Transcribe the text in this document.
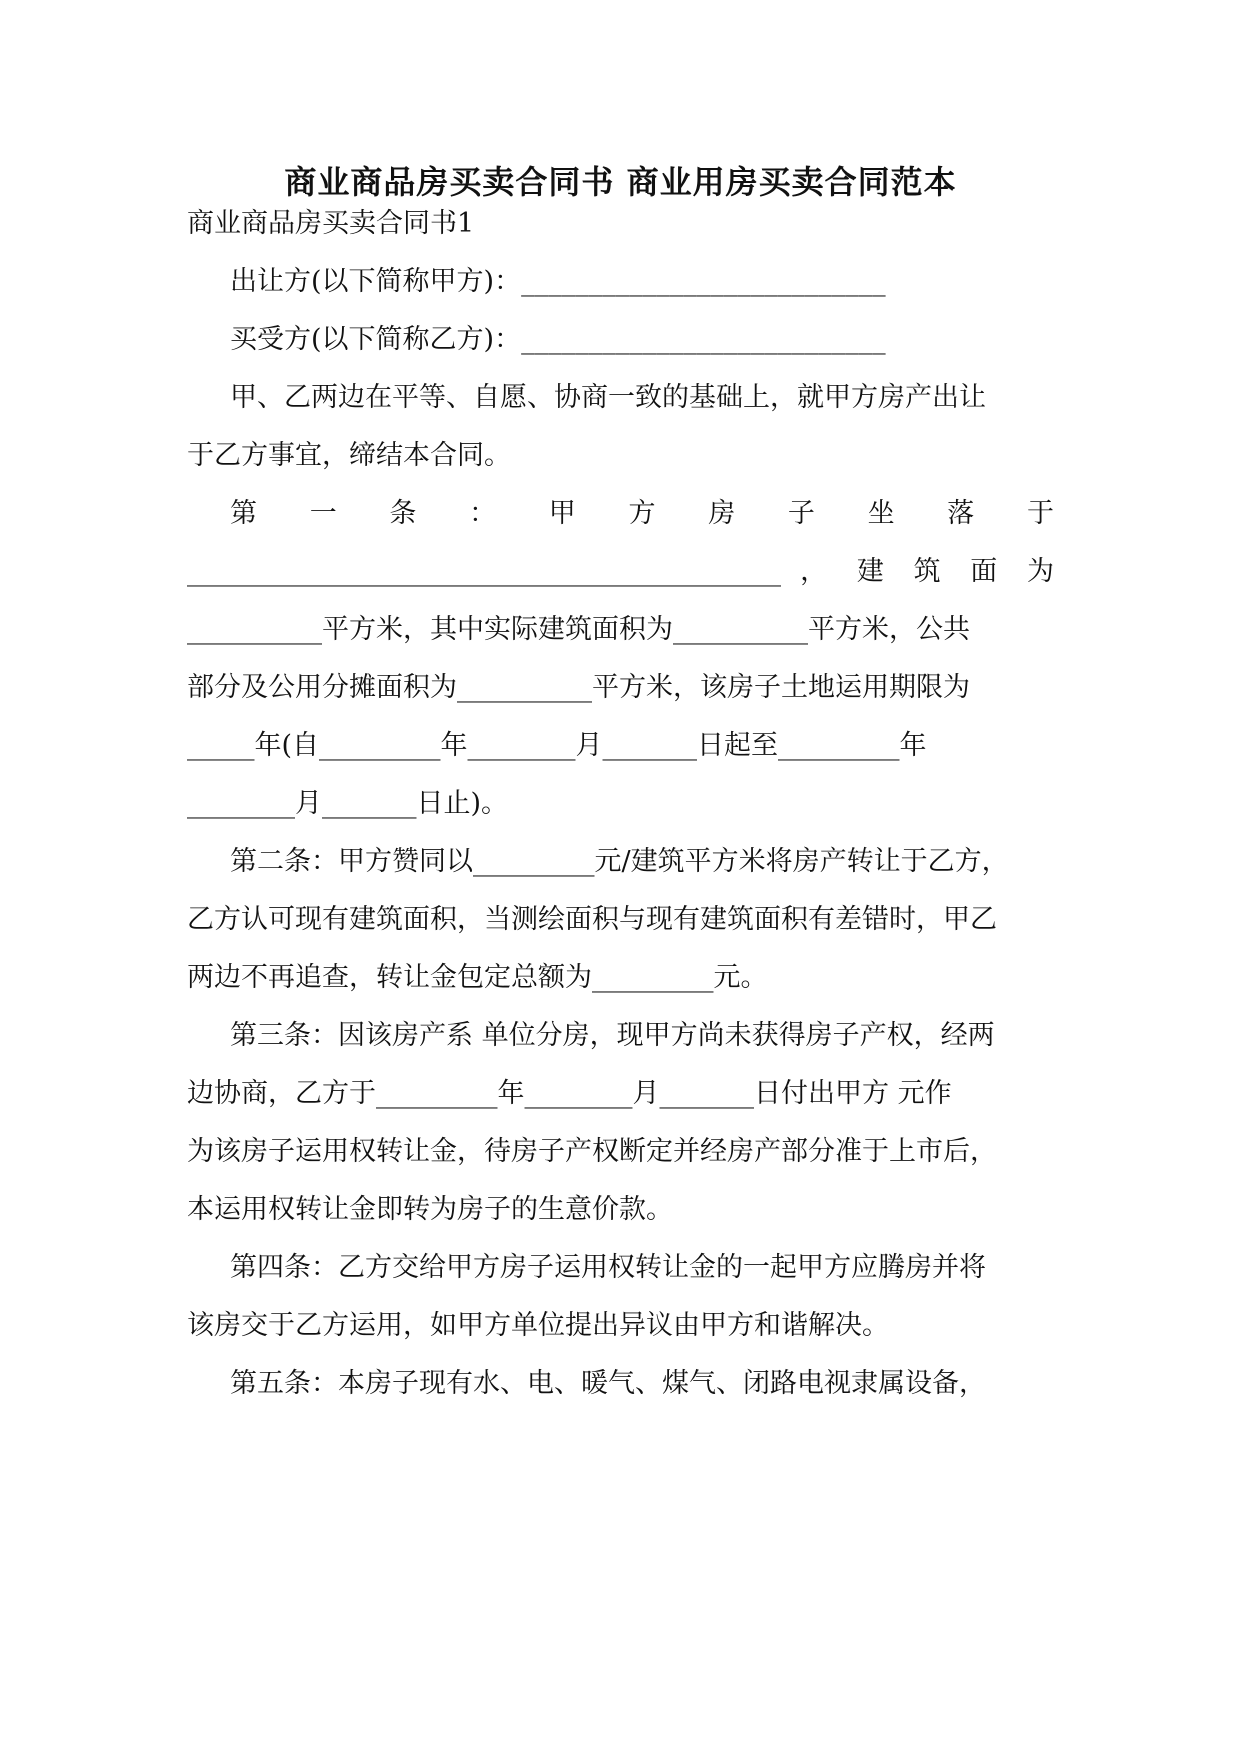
商业商品房买卖合同书 商业用房买卖合同范本
商业商品房买卖合同书1
出让方(以下简称甲方)：___________________________
买受方(以下简称乙方)：___________________________
甲、乙两边在平等、自愿、协商一致的基础上，就甲方房产出让
于乙方事宜，缔结本合同。
第 一 条 ： 甲 方 房 子 坐 落 于
____________________________________________ ， 建 筑 面 为
__________平方米，其中实际建筑面积为__________平方米，公共
部分及公用分摊面积为__________平方米，该房子土地运用期限为
_____年(自_________年________月_______日起至_________年
________月_______日止)。
第二条：甲方赞同以_________元/建筑平方米将房产转让于乙方，
乙方认可现有建筑面积，当测绘面积与现有建筑面积有差错时，甲乙
两边不再追查，转让金包定总额为_________元。
第三条：因该房产系 单位分房，现甲方尚未获得房子产权，经两
边协商，乙方于_________年________月_______日付出甲方 元作
为该房子运用权转让金，待房子产权断定并经房产部分准于上市后，
本运用权转让金即转为房子的生意价款。
第四条：乙方交给甲方房子运用权转让金的一起甲方应腾房并将
该房交于乙方运用，如甲方单位提出异议由甲方和谐解决。
第五条：本房子现有水、电、暖气、煤气、闭路电视隶属设备，
